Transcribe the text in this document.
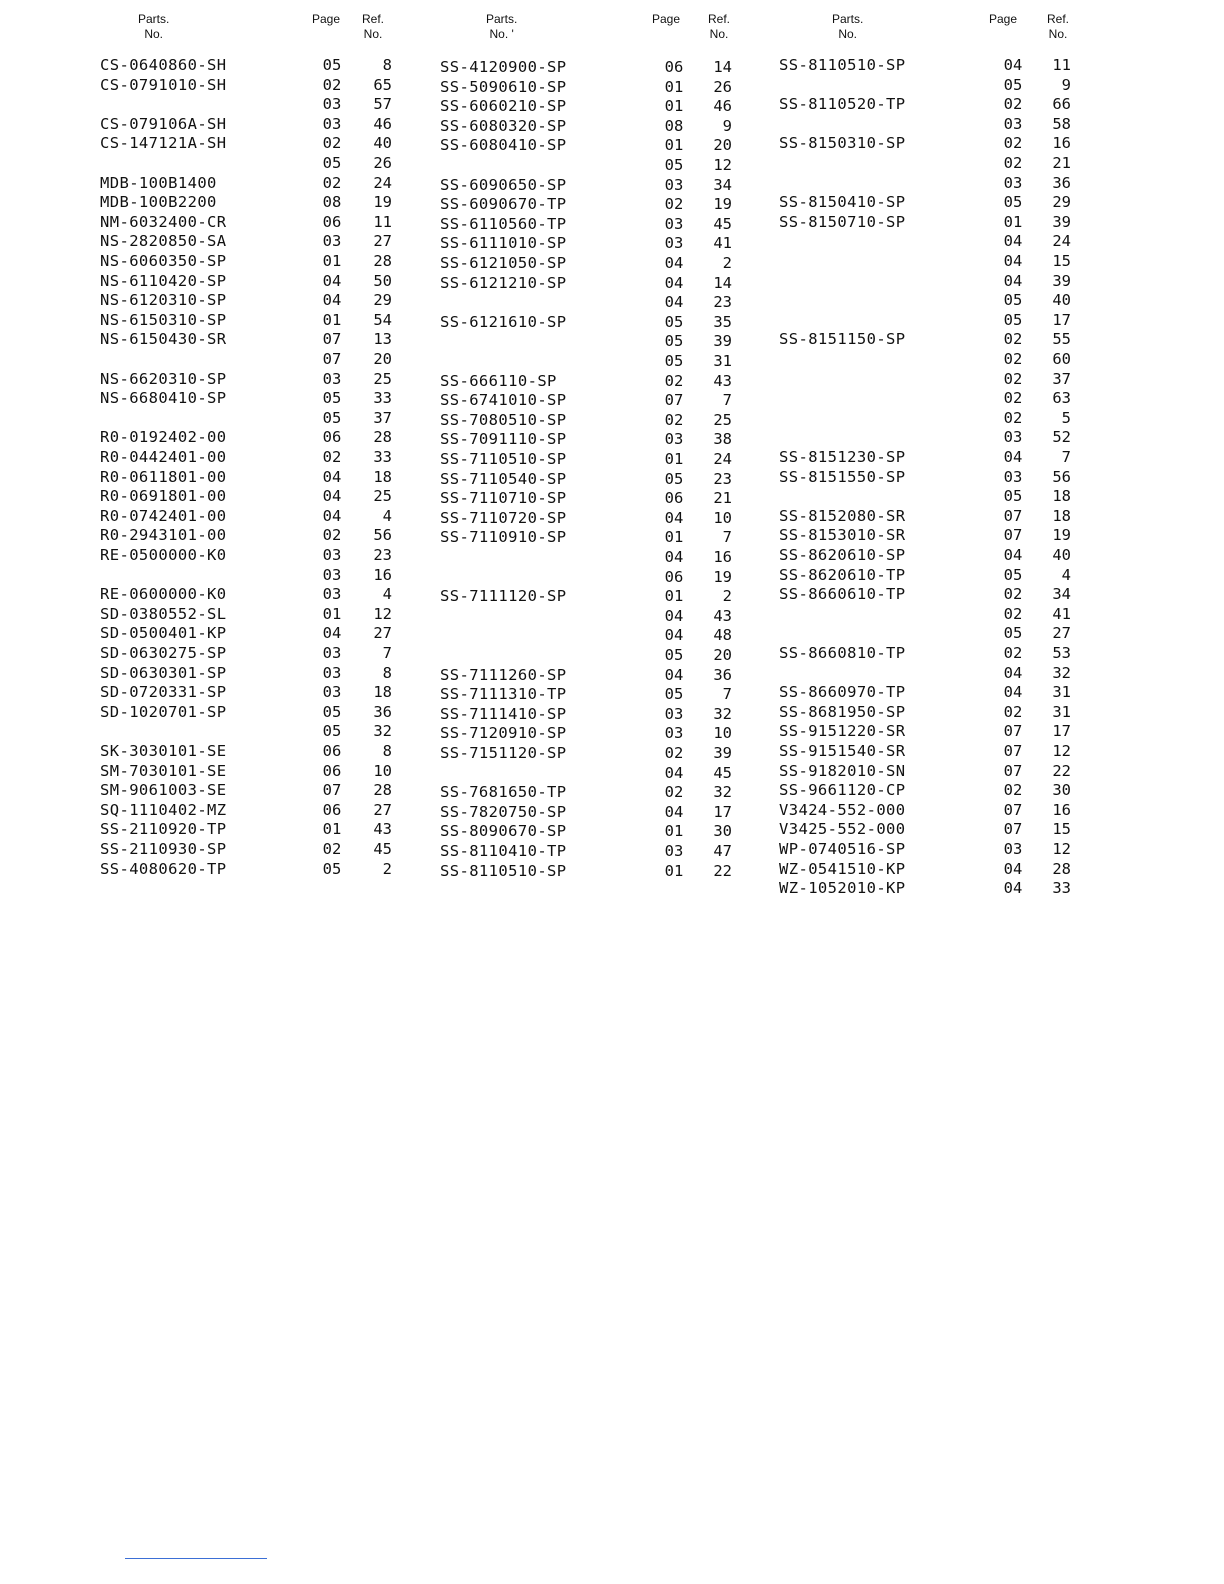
Parts. No.
Page Ref.
No.
CS-0640860-SH	05	8
CS-0791010-SH	02	65
03	57
CS-079106A-SH	03	46
CS-147121A-SH	02	40
05	26
MDB-100B1400	02	24
MDB-100B2200	08	19
NM-6032400-CR	06	11
NS-2820850-SA	03	27
NS-6060350-SP	01	28
NS-6110420-SP	04	50
NS-6120310-SP	04	29
NS-6150310-SP	01	54
NS-6150430-SR	07	13
07	20
NS-6620310-SP	03	25
NS-6680410-SP	05	33
05	37
R0-0192402-00	06	28
R0-0442401-00	02	33
R0-0611801-00	04	18
R0-0691801-00	04	25
R0-0742401-00	04	4
R0-2943101-00	02	56
RE-0500000-K0	03	23
03	16
RE-0600000-K0	03	4
SD-0380552-SL	01	12
SD-0500401-KP	04	27
SD-0630275-SP	03	7
SD-0630301-SP	03	8
SD-0720331-SP	03	18
SD-1020701-SP	05	36
05	32
SK-3030101-SE	06	8
SM-7030101-SE	06	10
SM-9061003-SE	07	28
SQ-1110402-MZ	06	27
SS-2110920-TP	01	43
SS-2110930-SP	02	45
SS-4080620-TP	05	2
Parts. No. '
Page Ref.
No.
SS-4120900-SP	06	14
SS-5090610-SP	01	26
SS-6060210-SP	01	46
SS-6080320-SP	08	9
SS-6080410-SP	01	20
05	12
SS-6090650-SP	03	34
SS-6090670-TP	02	19
SS-6110560-TP	03	45
SS-6111010-SP	03	41
SS-6121050-SP	04	2
SS-6121210-SP	04	14
04	23
SS-6121610-SP	05	35
05	39
05	31
SS-666110-SP	02	43
SS-6741010-SP	07	7
SS-7080510-SP	02	25
SS-7091110-SP	03	38
SS-7110510-SP	01	24
SS-7110540-SP	05	23
SS-7110710-SP	06	21
SS-7110720-SP	04	10
SS-7110910-SP	01	7
04	16
06	19
SS-7111120-SP	01	2
04	43
04	48
05	20
SS-7111260-SP	04	36
SS-7111310-TP	05	7
SS-7111410-SP	03	32
SS-7120910-SP	03	10
SS-7151120-SP	02	39
04	45
SS-7681650-TP	02	32
SS-7820750-SP	04	17
SS-8090670-SP	01	30
SS-8110410-TP	03	47
SS-8110510-SP	01	22
Parts. No.
Page Ref.
No.
SS-8110510-SP	04	11
05	9
SS-8110520-TP	02	66
03	58
SS-8150310-SP	02	16
02	21
03	36
SS-8150410-SP	05	29
SS-8150710-SP	01	39
04	24
04	15
04	39
05	40
05	17
SS-8151150-SP	02	55
02	60
02	37
02	63
02	5
03	52
SS-8151230-SP	04	7
SS-8151550-SP	03	56
05	18
SS-8152080-SR	07	18
SS-8153010-SR	07	19
SS-8620610-SP	04	40
SS-8620610-TP	05	4
SS-8660610-TP	02	34
02	41
05	27
SS-8660810-TP	02	53
04	32
SS-8660970-TP	04	31
SS-8681950-SP	02	31
SS-9151220-SR	07	17
SS-9151540-SR	07	12
SS-9182010-SN	07	22
SS-9661120-CP	02	30
V3424-552-000	07	16
V3425-552-000	07	15
WP-0740516-SP	03	12
WZ-0541510-KP	04	28
WZ-1052010-KP	04	33
